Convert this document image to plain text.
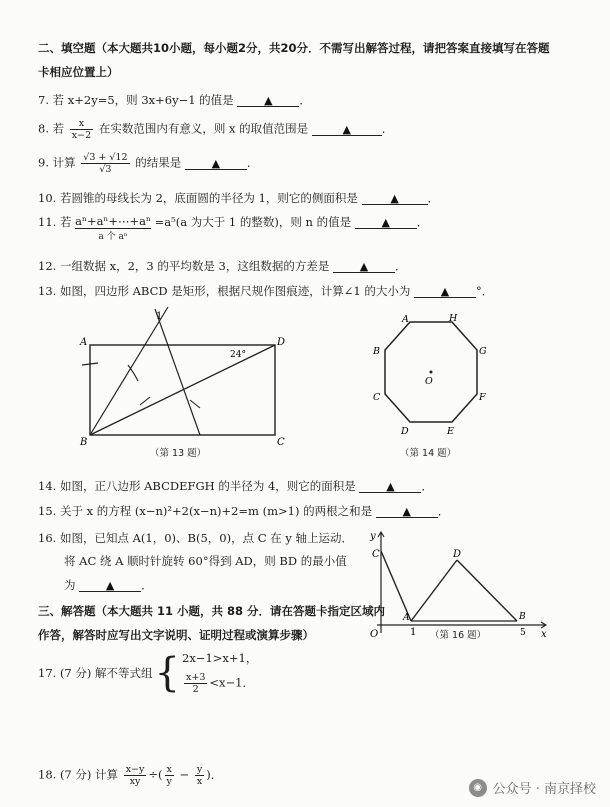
二、填空题（本大题共10小题，每小题2分，共20分．不需写出解答过程，请把答案直接填写在答题
卡相应位置上）
7. 若 x+2y=5，则 3x+6y−1 的值是	▲ ．
8. 若 $\frac{x}{x-2}$ 在实数范围内有意义，则 x 的取值范围是	▲	．
9. 计算 $\frac{√3 + √12}{√3}$ 的结果是	▲ ．
10. 若圆锥的母线长为 2，底面圆的半径为 1，则它的侧面积是	▲	．
11. 若 aⁿ+aⁿ+⋯+aⁿ
a 个 aⁿ
=a⁵(a 为大于 1 的整数)，则 n 的值是	▲ ．
12. 一组数据 x，2，3 的平均数是 3，这组数据的方差是	▲ ．
13. 如图，四边形 ABCD 是矩形，根据尺规作图痕迹，计算∠1 的大小为	▲ °．
A
B	C
D
1
24°
（第 13 题）
A	H
G
F
E
D
C
B
O
（第 14 题）
14. 如图，正八边形 ABCDEFGH 的半径为 4，则它的面积是	▲ ．
15. 关于 x 的方程 (x−n)²+2(x−n)+2=m (m>1) 的两根之和是	▲ ．
16. 如图，已知点 A(1，0)、B(5，0)，点 C 在 y 轴上运动．
将 AC 绕 A 顺时针旋转 60°得到 AD，则 BD 的最小值
为	▲ ．
y
x
O	1	5
C	D
B
A
（第 16 题）
三、解答题（本大题共 11 小题，共 88 分．请在答题卡指定区域内
作答，解答时应写出文字说明、证明过程或演算步骤）
17. (7 分) 解不等式组 { 2x−1>x+1，
$\frac{x+3}{2} <x-1$．
18. (7 分) 计算 $\frac{x-y}{xy}$ ÷( $\frac{x}{y} - \frac{y}{x}$ )．
◉ 公众号 · 南京择校
